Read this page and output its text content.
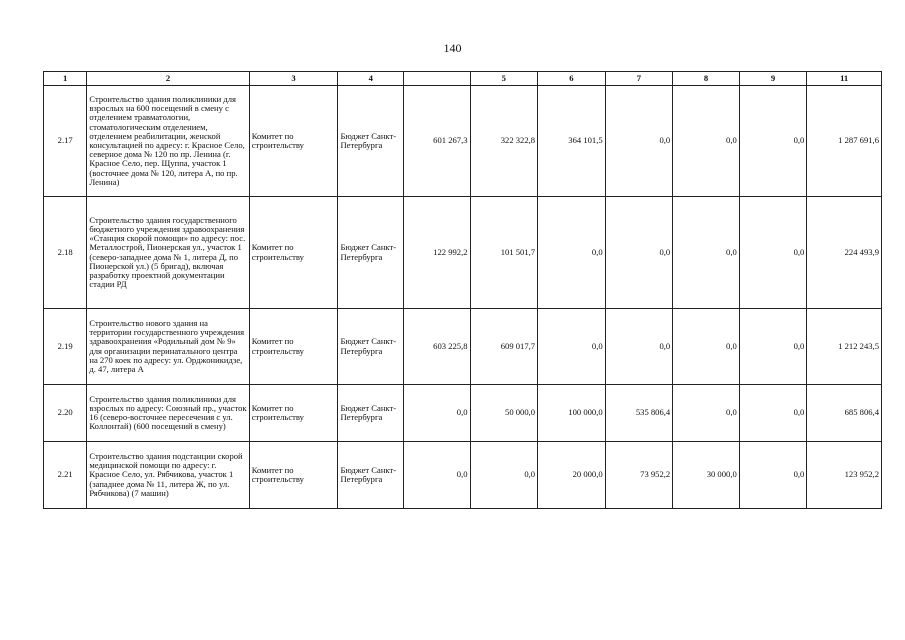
140
1	2	3	4		5	6	7	8	9	11
2.17	Строительство здания поликлиники для взрослых на 600 посещений в смену с отделением травматологии, стоматологическим отделением, отделением реабилитации, женской консультацией по адресу: г. Красное Село, северное дома № 120 по пр. Ленина (г. Красное Село, пер. Щуппа, участок 1 (восточнее дома № 120, литера А, по пр. Ленина)	Комитет по строительству	Бюджет Санкт-Петербурга	601 267,3	322 322,8	364 101,5	0,0	0,0	0,0	1 287 691,6
2.18	Строительство здания государственного бюджетного учреждения здравоохранения «Станция скорой помощи» по адресу: пос. Металлострой, Пионерская ул., участок 1 (северо-западнее дома № 1, литера Д, по Пионерской ул.) (5 бригад), включая разработку проектной документации стадии РД	Комитет по строительству	Бюджет Санкт-Петербурга	122 992,2	101 501,7	0,0	0,0	0,0	0,0	224 493,9
2.19	Строительство нового здания на территории государственного учреждения здравоохранения «Родильный дом № 9» для организации перинатального центра на 270 коек по адресу: ул. Орджоникидзе, д. 47, литера А	Комитет по строительству	Бюджет Санкт-Петербурга	603 225,8	609 017,7	0,0	0,0	0,0	0,0	1 212 243,5
2.20	Строительство здания поликлиники для взрослых по адресу: Союзный пр., участок 16 (северо-восточнее пересечения с ул. Коллонтай) (600 посещений в смену)	Комитет по строительству	Бюджет Санкт-Петербурга	0,0	50 000,0	100 000,0	535 806,4	0,0	0,0	685 806,4
2.21	Строительство здания подстанции скорой медицинской помощи по адресу: г. Красное Село, ул. Рябчикова, участок 1 (западнее дома № 11, литера Ж, по ул. Рябчикова) (7 машин)	Комитет по строительству	Бюджет Санкт-Петербурга	0,0	0,0	20 000,0	73 952,2	30 000,0	0,0	123 952,2
